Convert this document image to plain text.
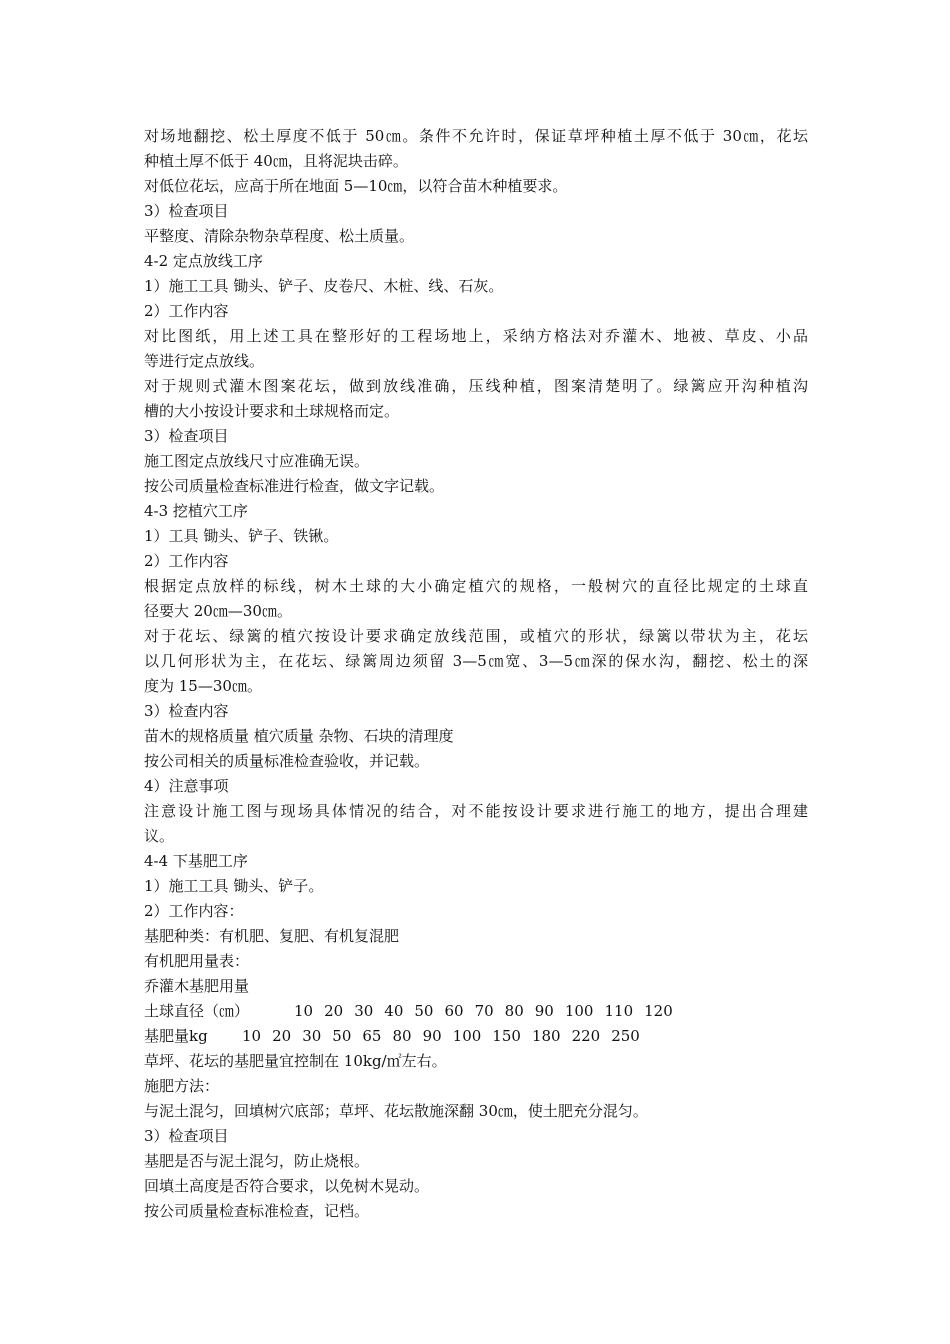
对场地翻挖、松土厚度不低于 50㎝。条件不允许时，保证草坪种植土厚不低于 30㎝，花坛
种植土厚不低于 40㎝，且将泥块击碎。
对低位花坛，应高于所在地面 5—10㎝，以符合苗木种植要求。
3）检查项目
平整度、清除杂物杂草程度、松土质量。
4-2 定点放线工序
1）施工工具 锄头、铲子、皮卷尺、木桩、线、石灰。
2）工作内容
对比图纸，用上述工具在整形好的工程场地上，采纳方格法对乔灌木、地被、草皮、小品
等进行定点放线。
对于规则式灌木图案花坛，做到放线准确，压线种植，图案清楚明了。绿篱应开沟种植沟
槽的大小按设计要求和土球规格而定。
3）检查项目
施工图定点放线尺寸应准确无误。
按公司质量检查标准进行检查，做文字记载。
4-3 挖植穴工序
1）工具 锄头、铲子、铁锹。
2）工作内容
根据定点放样的标线，树木土球的大小确定植穴的规格，一般树穴的直径比规定的土球直
径要大 20㎝—30㎝。
对于花坛、绿篱的植穴按设计要求确定放线范围，或植穴的形状，绿篱以带状为主，花坛
以几何形状为主，在花坛、绿篱周边须留 3—5㎝宽、3—5㎝深的保水沟，翻挖、松土的深
度为 15—30㎝。
3）检查内容
苗木的规格质量 植穴质量 杂物、石块的清理度
按公司相关的质量标准检查验收，并记载。
4）注意事项
注意设计施工图与现场具体情况的结合，对不能按设计要求进行施工的地方，提出合理建
议。
4-4 下基肥工序
1）施工工具 锄头、铲子。
2）工作内容：
基肥种类：有机肥、复肥、有机复混肥
有机肥用量表：
乔灌木基肥用量
土球直径（㎝）	10 20 30 40 50 60 70 80 90 100 110 120
基肥量kg	10 20 30 50 65 80 90 100 150 180 220 250
草坪、花坛的基肥量宜控制在 10kg/㎡左右。
施肥方法：
与泥土混匀，回填树穴底部；草坪、花坛散施深翻 30㎝，使土肥充分混匀。
3）检查项目
基肥是否与泥土混匀，防止烧根。
回填土高度是否符合要求，以免树木晃动。
按公司质量检查标准检查，记档。
